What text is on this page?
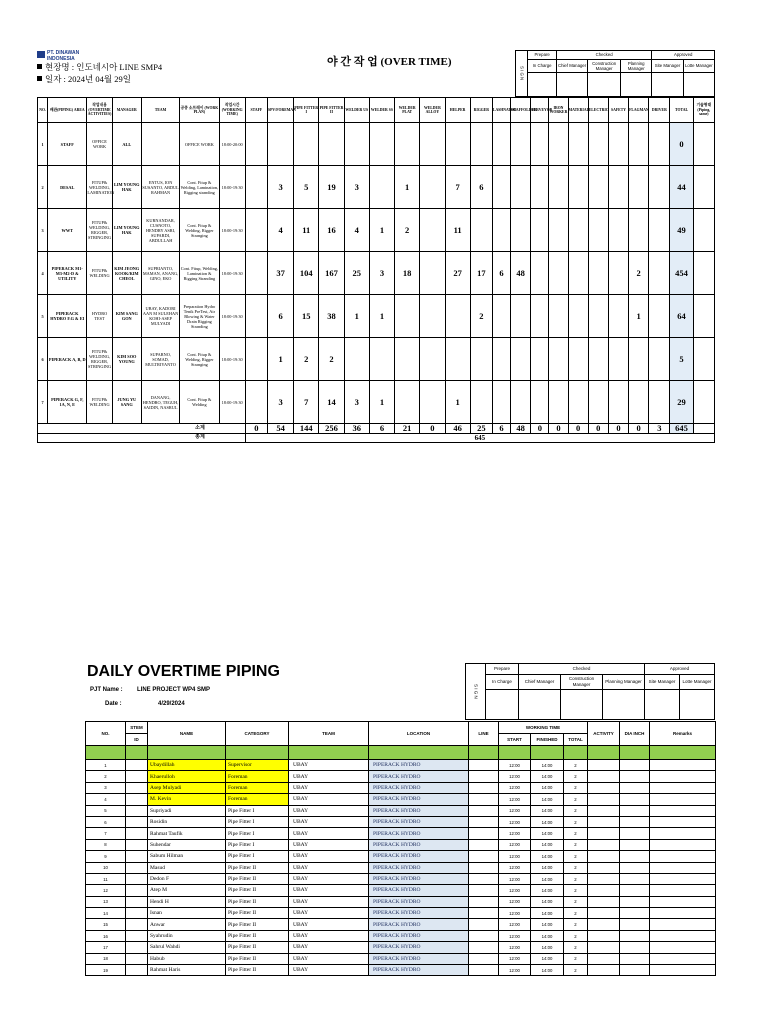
PT. DINAWAN INDONESIA
현장명 : 인도네시아 LINE SMP4
일자 : 2024년 04월 29일
야 간 작 업 (OVER TIME)
S I G N	Prepare	Checked			Approved	
	In Charge	Chief Manager	Construction Manager	Planning Manager	Site Manager	Lotte Manager

NO.	배관(PIPING) AREA	작업내용 (OVERTIME ACTIVITIES)	MANAGER	TEAM	공종 소프레이 (WORK PLAN)	작업시간 (WORKING TIME)	STAFF	SPV/FOREMAN	PIPE FITTER I	PIPE FITTER II	WELDER US	WELDER SS	WELDER PLAT	WELDER ALLOY	HELPER	RIGGER	LASHNATOR	SCAFFOLDER	SURVEYOR	IRON WORKER	MATERIAL	ELECTRIC	SAFETY	FLAGMAN	DRIVER	TOTAL	기술형태 (Piping, same)
1	STAFF	OFFICE WORK	ALL		OFFICE WORK	18:00-20:00																				0	
2	DESAL	FITUP& WELDING, LAMINATION	LIM YOUNG HAK	ENTUS, ION SUSANTO, ABDUL RAHMAN	Cont. Fitup & Welding, Lamination, Rigging stranding	18:00-19:30		3	5	19	3		1		7	6										44	
3	WWT	FITUP& WELDING, RIGGER, STRINGING	LIM YOUNG HAK	KURNANDAR, CUSNOTO, HENDRY ASRI, SUPARDI, ABDULLAH	Cont. Fitup & Welding, Rigger Stranging	18:00-19:30		4	11	16	4	1	2		11											49	
4	PIPERACK M1-M3-M2-D & UTILITY	FITUP& WELDING	KIM JEONG KOOK/KIM CHEOL	SUPRIANTO, MAMAN, ANANG, GINO, EKO	Cont. Fitup, Welding, Lamination & Rigging Stranding	18:00-19:30		37	104	167	25	3	18		27	17	6	48						2		454	
5	PIPERACK HYDRO F.G & EI	HYDRO TEST	KIM SANG GON	UBAY, KADORI AAN M SULEHAN KOHI-ASEP MULYADI	Preparation Hydro Tenik PreTest, Air Blowing & Water Drain Rigging Stranding	18:00-19:30		6	15	38	1	1				2								1		64	
6	PIPERACK A, B, D	FITUP& WELDING, RIGGER, STRINGING	KIM SOO YOUNG	SUPARNO, SOMAD, MULTRIYANTO	Cont. Fitup & Welding, Rigger Stranging	18:00-19:30		1	2	2																5	
7	PIPERACK G, F, 1A, N, E	FITUP& WELDING	JUNG YU SANG	DANANG, HENDRO, TEGUH, SAIDIN, NASRUL	Cont. Fitup & Welding	18:00-19:30		3	7	14	3	1			1											29	
소계							0	54	144	256	36	6	21	0	46	25	6	48	0	0	0	0	0	0	3	645	
총계							645																				
DAILY OVERTIME PIPING
PJT Name : LINE PROJECT WP4 SMP
Date :	4/29/2024
S I G N	Prepare	Checked			Approved	
	In Charge	Chief Manager	Construction Manager	Planning Manager	Site Manager	Lotte Manager

NO.	STEM	NAME	CATEGORY	TEAM	LOCATION	LINE	WORKING TIME			ACTIVITY	DIA INCH	Remarks
	ID						START	FINISHED	TOTAL			

1		Ubaydillah	Supervisor	UBAY	PIPERACK HYDRO		12:00	14:00	2			
2		Khaerulloh	Foreman	UBAY	PIPERACK HYDRO		12:00	14:00	2			
3		Asep Mulyadi	Foreman	UBAY	PIPERACK HYDRO		12:00	14:00	2			
4		M. Kevin	Foreman	UBAY	PIPERACK HYDRO		12:00	14:00	2			
5		Supriyadi	Pipe Fitter I	UBAY	PIPERACK HYDRO		12:00	14:00	2			
6		Rosidin	Pipe Fitter I	UBAY	PIPERACK HYDRO		12:00	14:00	2			
7		Rahmat Taufik	Pipe Fitter I	UBAY	PIPERACK HYDRO		12:00	14:00	2			
8		Suhendar	Pipe Fitter I	UBAY	PIPERACK HYDRO		12:00	14:00	2			
9		Sabum Hilman	Pipe Fitter I	UBAY	PIPERACK HYDRO		12:00	14:00	2			
10		Masud	Pipe Fitter II	UBAY	PIPERACK HYDRO		12:00	14:00	2			
11		Dedon F	Pipe Fitter II	UBAY	PIPERACK HYDRO		12:00	14:00	2			
12		Atep M	Pipe Fitter II	UBAY	PIPERACK HYDRO		12:00	14:00	2			
13		Hendi H	Pipe Fitter II	UBAY	PIPERACK HYDRO		12:00	14:00	2			
14		Isnan	Pipe Fitter II	UBAY	PIPERACK HYDRO		12:00	14:00	2			
15		Anwar	Pipe Fitter II	UBAY	PIPERACK HYDRO		12:00	14:00	2			
16		Syahrudin	Pipe Fitter II	UBAY	PIPERACK HYDRO		12:00	14:00	2			
17		Sahrul Wahdi	Pipe Fitter II	UBAY	PIPERACK HYDRO		12:00	14:00	2			
18		Habub	Pipe Fitter II	UBAY	PIPERACK HYDRO		12:00	14:00	2			
19		Rahmat Haris	Pipe Fitter II	UBAY	PIPERACK HYDRO		12:00	14:00	2			
